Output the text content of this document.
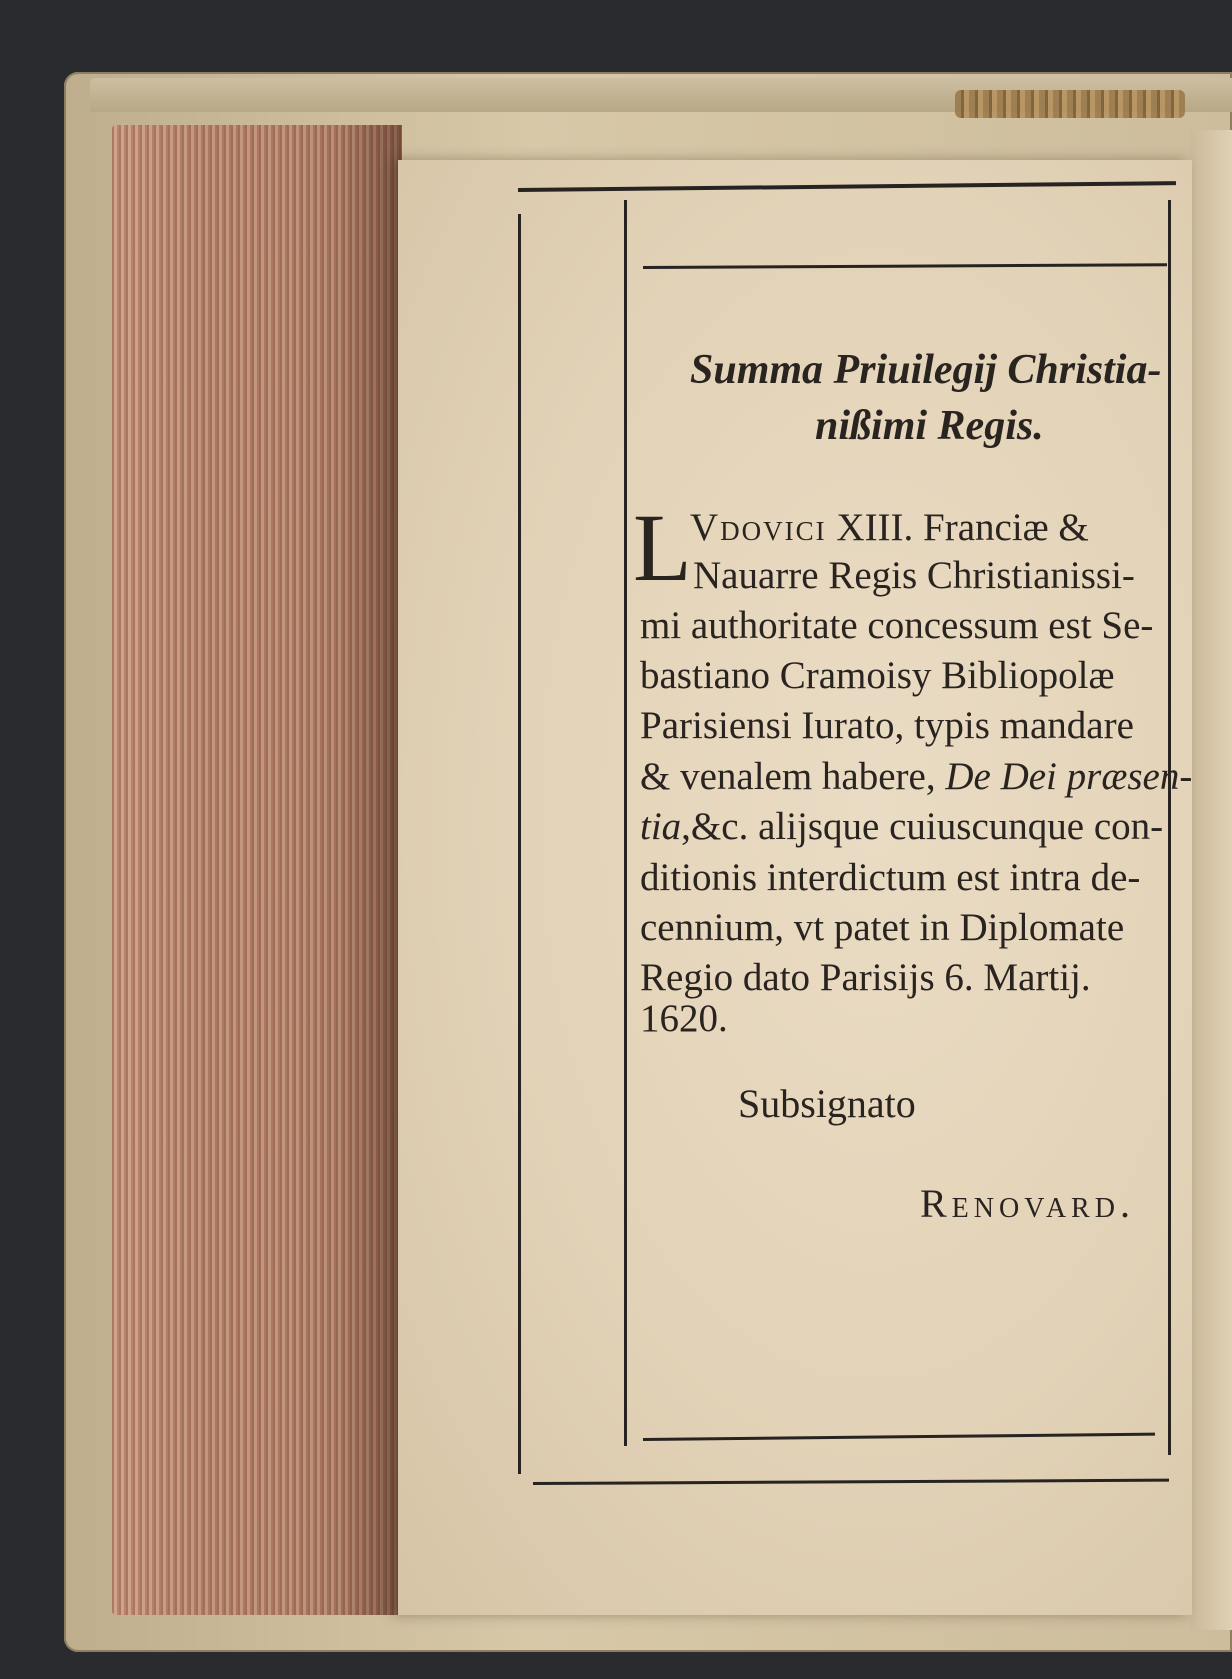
Summa Priuilegij Christia-
nißimi Regis.
L
Vdovici XIII. Franciæ &
Nauarre Regis Christianissi-
mi authoritate concessum est Se-
bastiano Cramoisy Bibliopolæ
Parisiensi Iurato, typis mandare
& venalem habere, De Dei præsen-
tia,&c. alijsque cuiuscunque con-
ditionis interdictum est intra de-
cennium, vt patet in Diplomate
Regio dato Parisijs 6. Martij.
1620.
Subsignato
Renovard.
